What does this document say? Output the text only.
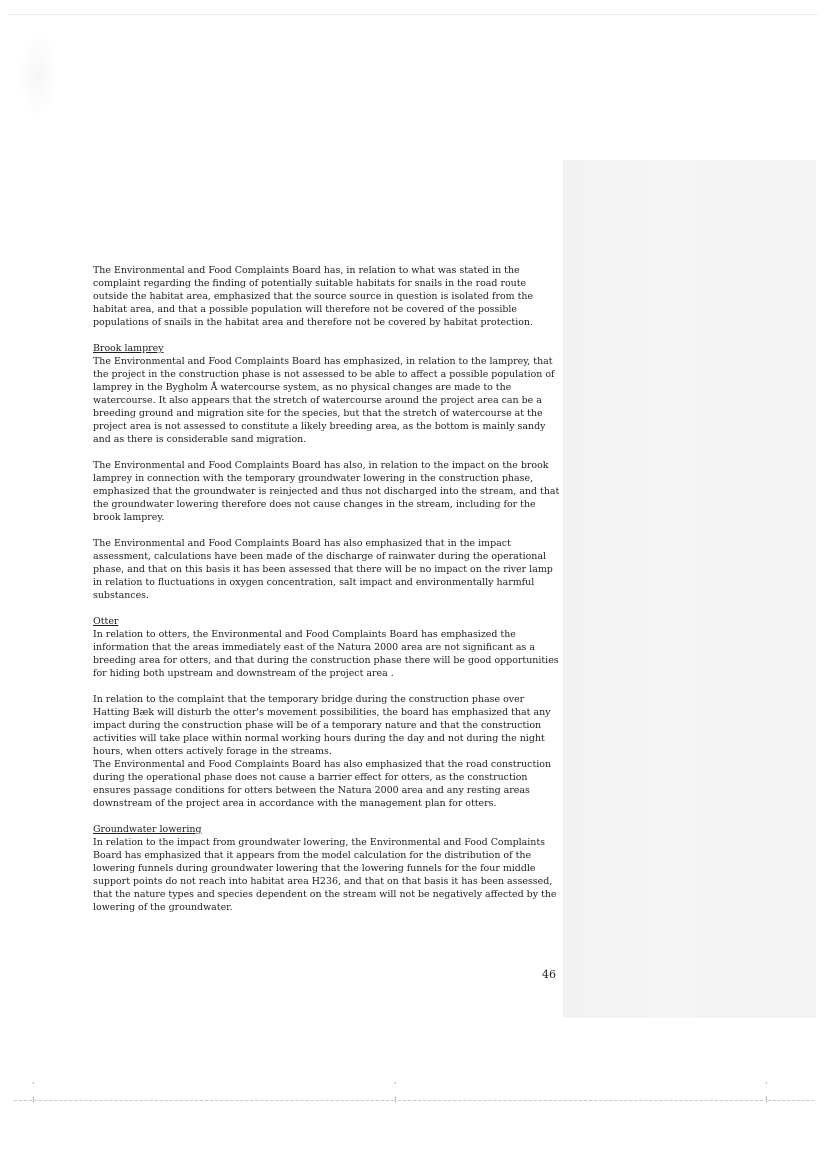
The Environmental and Food Complaints Board has, in relation to what was stated in the complaint regarding the finding of potentially suitable habitats for snails in the road route outside the habitat area, emphasized that the source source in question is isolated from the habitat area, and that a possible population will therefore not be covered of the possible populations of snails in the habitat area and therefore not be covered by habitat protection.

Brook lamprey
The Environmental and Food Complaints Board has emphasized, in relation to the lamprey, that the project in the construction phase is not assessed to be able to affect a possible population of lamprey in the Bygholm Å watercourse system, as no physical changes are made to the watercourse. It also appears that the stretch of watercourse around the project area can be a breeding ground and migration site for the species, but that the stretch of watercourse at the project area is not assessed to constitute a likely breeding area, as the bottom is mainly sandy and as there is considerable sand migration.

The Environmental and Food Complaints Board has also, in relation to the impact on the brook lamprey in connection with the temporary groundwater lowering in the construction phase, emphasized that the groundwater is reinjected and thus not discharged into the stream, and that the groundwater lowering therefore does not cause changes in the stream, including for the brook lamprey.

The Environmental and Food Complaints Board has also emphasized that in the impact assessment, calculations have been made of the discharge of rainwater during the operational phase, and that on this basis it has been assessed that there will be no impact on the river lamp in relation to fluctuations in oxygen concentration, salt impact and environmentally harmful substances.

Otter
In relation to otters, the Environmental and Food Complaints Board has emphasized the information that the areas immediately east of the Natura 2000 area are not significant as a breeding area for otters, and that during the construction phase there will be good opportunities for hiding both upstream and downstream of the project area .

In relation to the complaint that the temporary bridge during the construction phase over Hatting Bæk will disturb the otter's movement possibilities, the board has emphasized that any impact during the construction phase will be of a temporary nature and that the construction activities will take place within normal working hours during the day and not during the night hours, when otters actively forage in the streams.

The Environmental and Food Complaints Board has also emphasized that the road construction during the operational phase does not cause a barrier effect for otters, as the construction ensures passage conditions for otters between the Natura 2000 area and any resting areas downstream of the project area in accordance with the management plan for otters.

Groundwater lowering
In relation to the impact from groundwater lowering, the Environmental and Food Complaints Board has emphasized that it appears from the model calculation for the distribution of the lowering funnels during groundwater lowering that the lowering funnels for the four middle support points do not reach into habitat area H236, and that on that basis it has been assessed, that the nature types and species dependent on the stream will not be negatively affected by the lowering of the groundwater.

46
·
⁝
·
⁝
·
⁝
